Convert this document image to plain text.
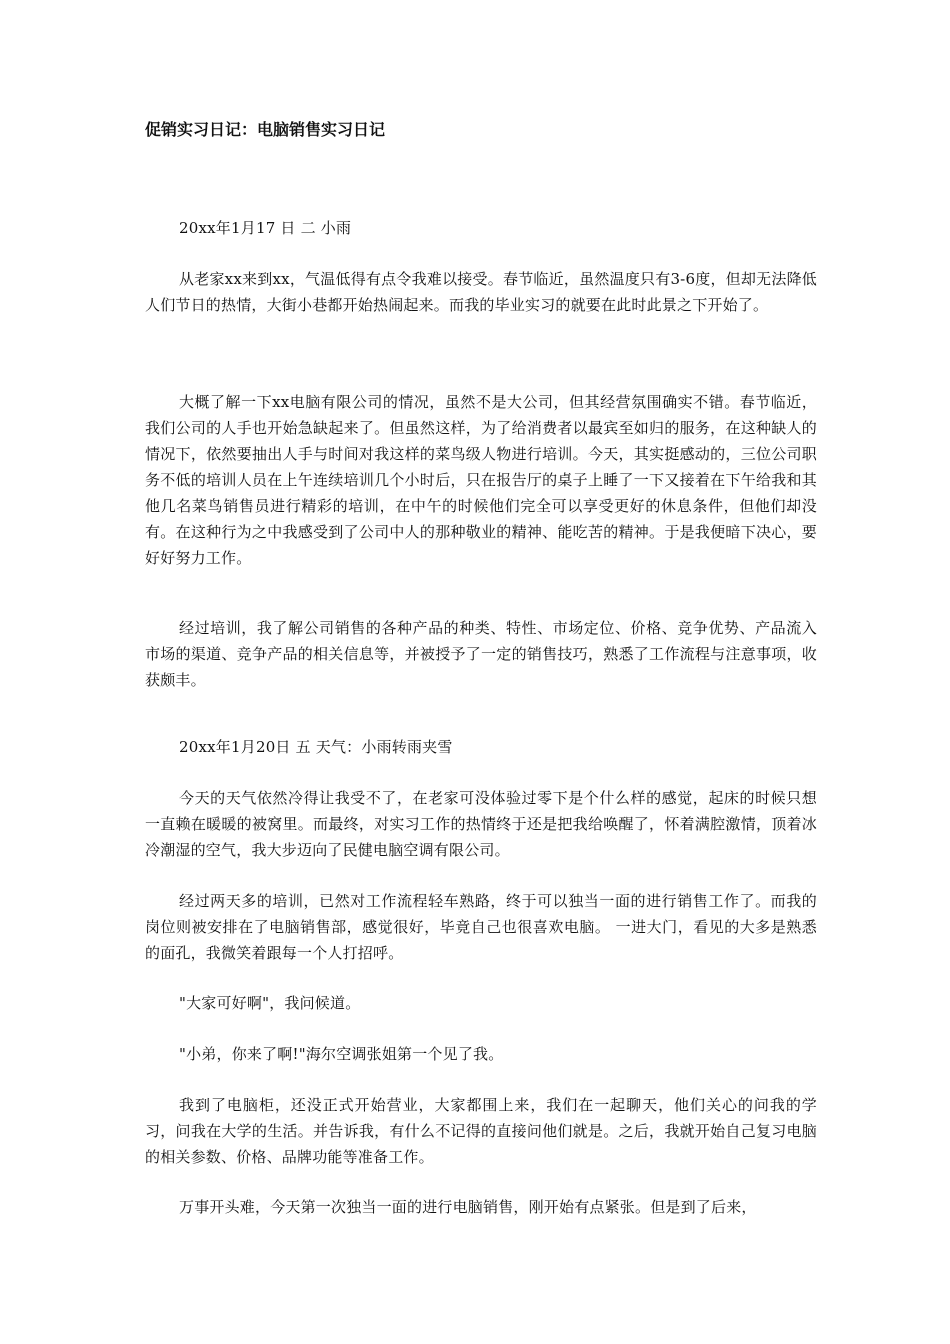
促销实习日记：电脑销售实习日记

20xx年1月17 日 二 小雨

从老家xx来到xx，气温低得有点令我难以接受。春节临近，虽然温度只有3-6度，但却无法降低人们节日的热情，大街小巷都开始热闹起来。而我的毕业实习的就要在此时此景之下开始了。

大概了解一下xx电脑有限公司的情况，虽然不是大公司，但其经营氛围确实不错。春节临近，我们公司的人手也开始急缺起来了。但虽然这样，为了给消费者以最宾至如归的服务，在这种缺人的情况下，依然要抽出人手与时间对我这样的菜鸟级人物进行培训。今天，其实挺感动的，三位公司职务不低的培训人员在上午连续培训几个小时后，只在报告厅的桌子上睡了一下又接着在下午给我和其他几名菜鸟销售员进行精彩的培训，在中午的时候他们完全可以享受更好的休息条件，但他们却没有。在这种行为之中我感受到了公司中人的那种敬业的精神、能吃苦的精神。于是我便暗下决心，要好好努力工作。

经过培训，我了解公司销售的各种产品的种类、特性、市场定位、价格、竞争优势、产品流入市场的渠道、竞争产品的相关信息等，并被授予了一定的销售技巧，熟悉了工作流程与注意事项，收获颇丰。

20xx年1月20日 五 天气：小雨转雨夹雪

今天的天气依然冷得让我受不了，在老家可没体验过零下是个什么样的感觉，起床的时候只想一直赖在暖暖的被窝里。而最终，对实习工作的热情终于还是把我给唤醒了，怀着满腔激情，顶着冰冷潮湿的空气，我大步迈向了民健电脑空调有限公司。

经过两天多的培训，已然对工作流程轻车熟路，终于可以独当一面的进行销售工作了。而我的岗位则被安排在了电脑销售部，感觉很好，毕竟自己也很喜欢电脑。 一进大门，看见的大多是熟悉的面孔，我微笑着跟每一个人打招呼。

"大家可好啊"，我问候道。

"小弟，你来了啊!"海尔空调张姐第一个见了我。

我到了电脑柜，还没正式开始营业，大家都围上来，我们在一起聊天，他们关心的问我的学习，问我在大学的生活。并告诉我，有什么不记得的直接问他们就是。之后，我就开始自己复习电脑的相关参数、价格、品牌功能等准备工作。

万事开头难，今天第一次独当一面的进行电脑销售，刚开始有点紧张。但是到了后来，
